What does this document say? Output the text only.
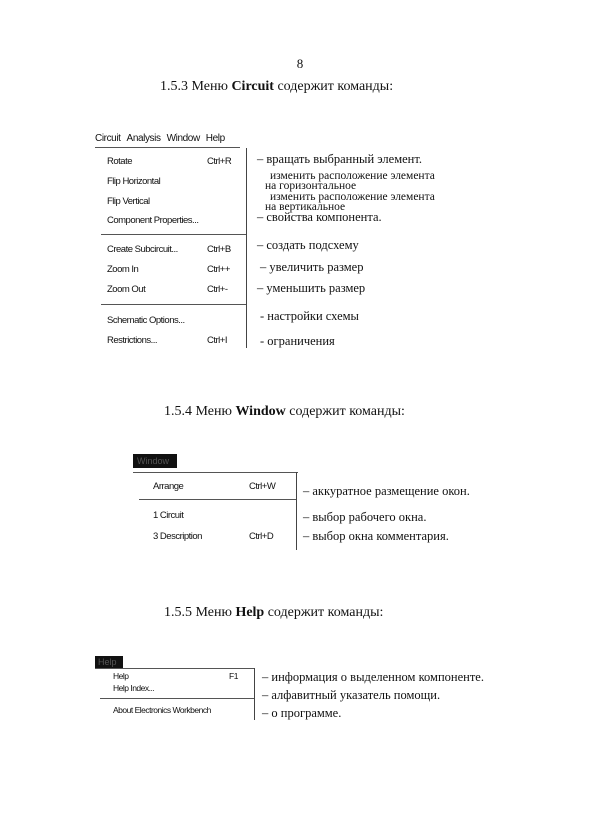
8
1.5.3 Меню Circuit содержит команды:
Circuit Analysis Window Help
Rotate	Ctrl+R
Flip Horizontal
Flip Vertical
Component Properties...
Create Subcircuit...	Ctrl+B
Zoom In	Ctrl++
Zoom Out	Ctrl+-
Schematic Options...
Restrictions...	Ctrl+I
– вращать выбранный элемент.
изменить расположение элемента
на горизонтальное
изменить расположение элемента
на вертикальное
– свойства компонента.
– создать подсхему
– увеличить размер
– уменьшить размер
- настройки схемы
- ограничения
1.5.4 Меню Window содержит команды:
Window
Arrange	Ctrl+W
1 Circuit
3 Description	Ctrl+D
– аккуратное размещение окон.
– выбор рабочего окна.
– выбор окна комментария.
1.5.5 Меню Help содержит команды:
Help
Help	F1
Help Index...
About Electronics Workbench
– информация о выделенном компоненте.
– алфавитный указатель помощи.
– о программе.
